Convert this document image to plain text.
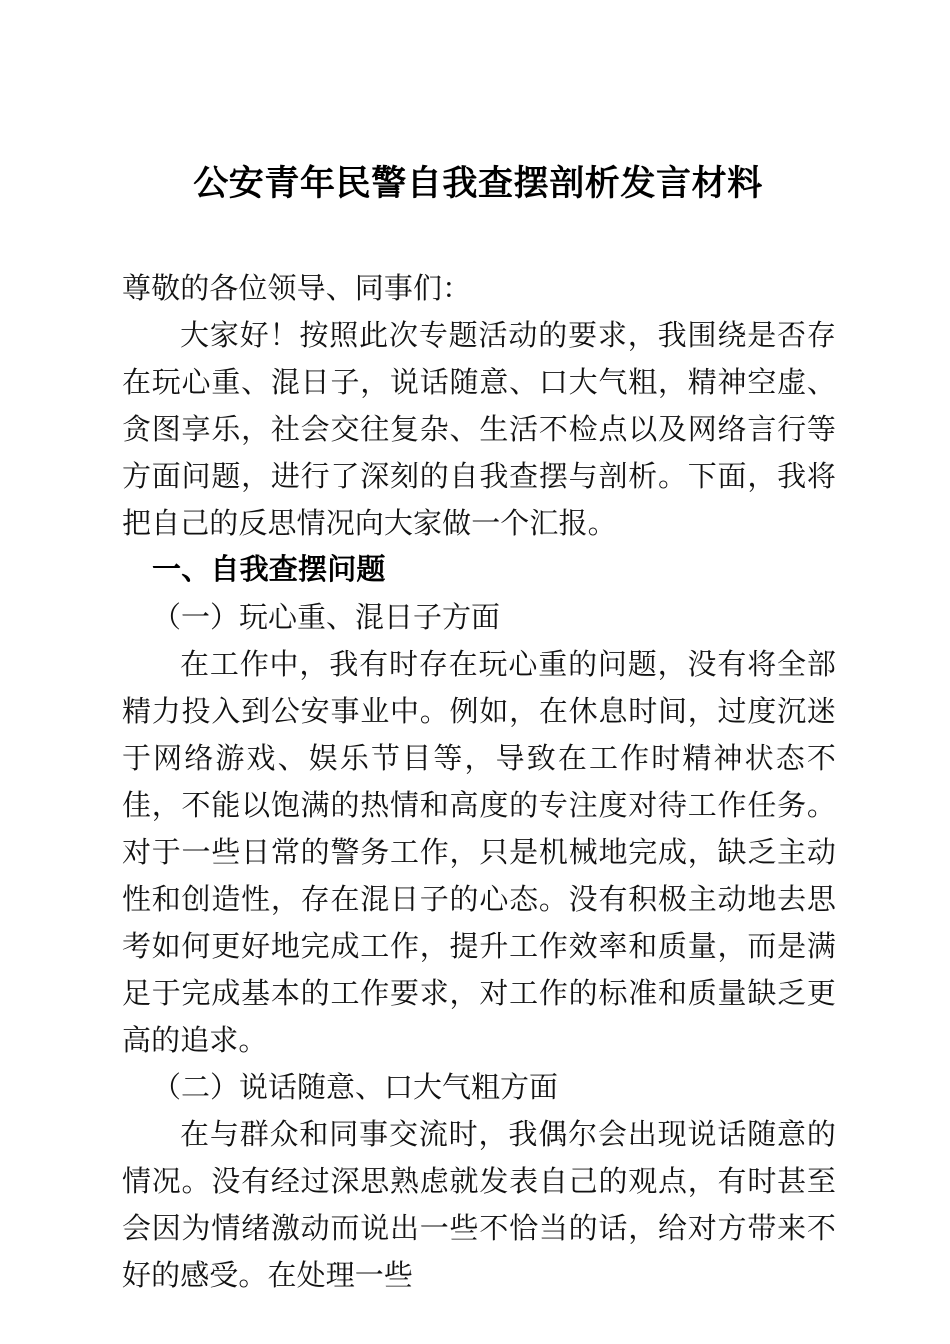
公安青年民警自我查摆剖析发言材料

尊敬的各位领导、同事们：

大家好！按照此次专题活动的要求，我围绕是否存在玩心重、混日子，说话随意、口大气粗，精神空虚、贪图享乐，社会交往复杂、生活不检点以及网络言行等方面问题，进行了深刻的自我查摆与剖析。下面，我将把自己的反思情况向大家做一个汇报。

一、自我查摆问题

（一）玩心重、混日子方面

在工作中，我有时存在玩心重的问题，没有将全部精力投入到公安事业中。例如，在休息时间，过度沉迷于网络游戏、娱乐节目等，导致在工作时精神状态不佳，不能以饱满的热情和高度的专注度对待工作任务。对于一些日常的警务工作，只是机械地完成，缺乏主动性和创造性，存在混日子的心态。没有积极主动地去思考如何更好地完成工作，提升工作效率和质量，而是满足于完成基本的工作要求，对工作的标准和质量缺乏更高的追求。

（二）说话随意、口大气粗方面

在与群众和同事交流时，我偶尔会出现说话随意的情况。没有经过深思熟虑就发表自己的观点，有时甚至会因为情绪激动而说出一些不恰当的话，给对方带来不好的感受。在处理一些
